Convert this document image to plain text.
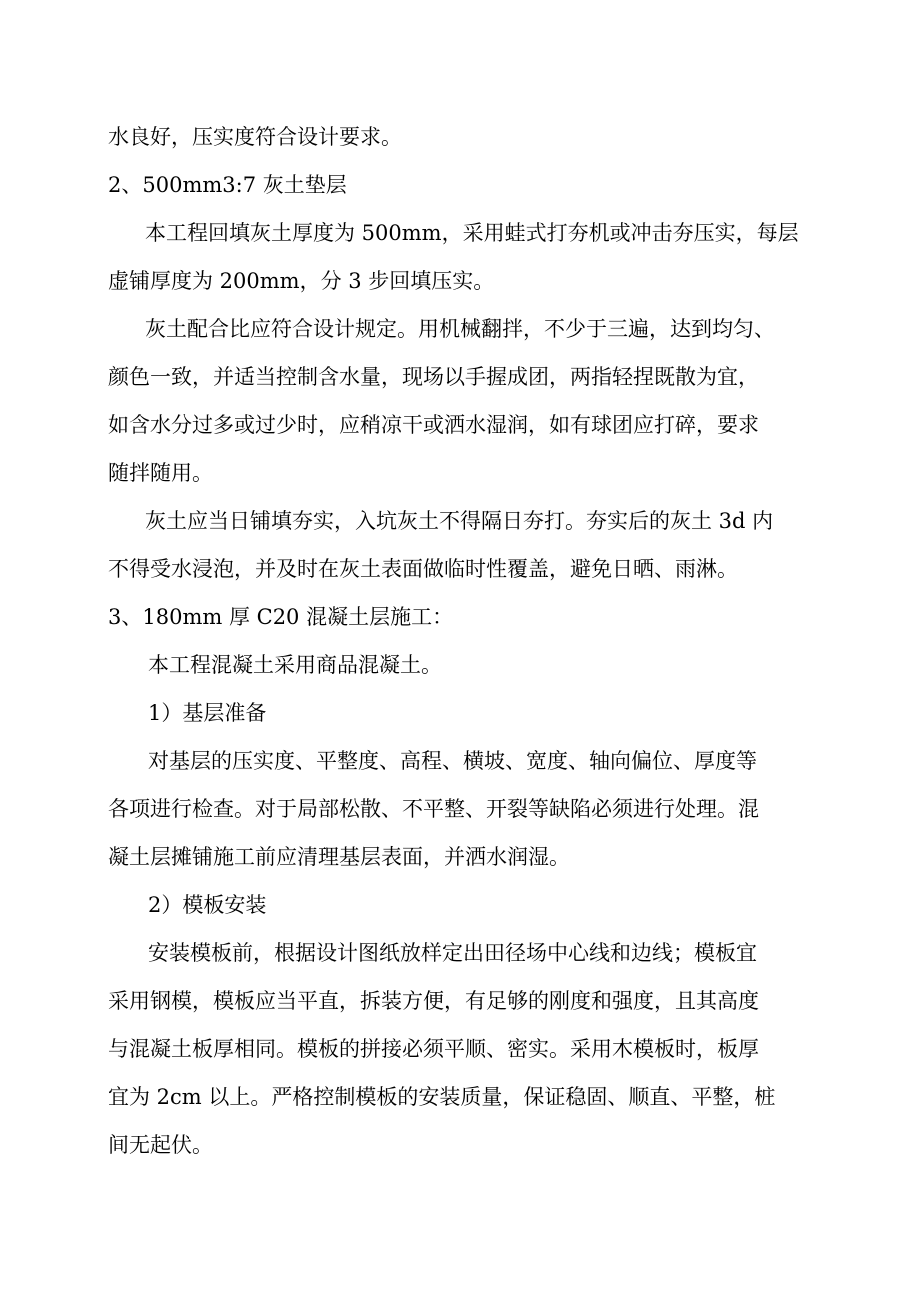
水良好，压实度符合设计要求。
2、500mm3:7 灰土垫层
本工程回填灰土厚度为 500mm，采用蛙式打夯机或冲击夯压实，每层
虚铺厚度为 200mm，分 3 步回填压实。
灰土配合比应符合设计规定。用机械翻拌，不少于三遍，达到均匀、
颜色一致，并适当控制含水量，现场以手握成团，两指轻捏既散为宜，
如含水分过多或过少时，应稍凉干或洒水湿润，如有球团应打碎，要求
随拌随用。
灰土应当日铺填夯实，入坑灰土不得隔日夯打。夯实后的灰土 3d 内
不得受水浸泡，并及时在灰土表面做临时性覆盖，避免日晒、雨淋。
3、180mm 厚 C20 混凝土层施工：
本工程混凝土采用商品混凝土。
1）基层准备
对基层的压实度、平整度、高程、横坡、宽度、轴向偏位、厚度等
各项进行检查。对于局部松散、不平整、开裂等缺陷必须进行处理。混
凝土层摊铺施工前应清理基层表面，并洒水润湿。
2）模板安装
安装模板前，根据设计图纸放样定出田径场中心线和边线；模板宜
采用钢模，模板应当平直，拆装方便，有足够的刚度和强度，且其高度
与混凝土板厚相同。模板的拼接必须平顺、密实。采用木模板时，板厚
宜为 2cm 以上。严格控制模板的安装质量，保证稳固、顺直、平整，桩
间无起伏。
